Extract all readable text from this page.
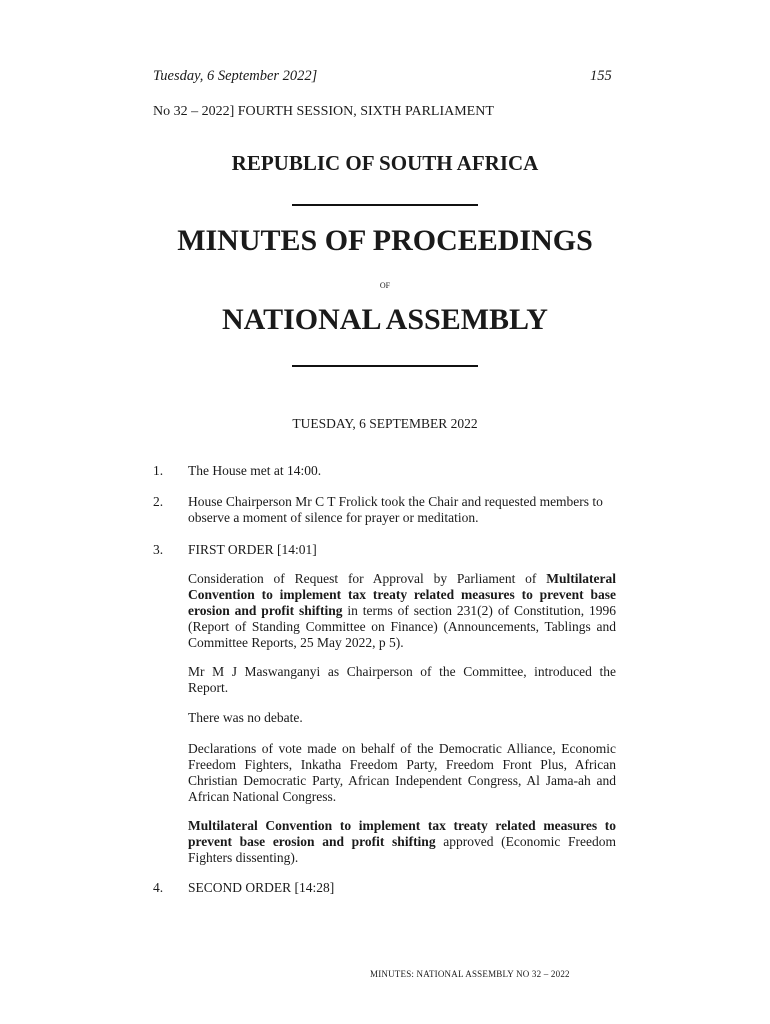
Tuesday, 6 September 2022]	155
No 32 – 2022] FOURTH SESSION, SIXTH PARLIAMENT
REPUBLIC OF SOUTH AFRICA
MINUTES OF PROCEEDINGS
OF
NATIONAL ASSEMBLY
TUESDAY, 6 SEPTEMBER 2022
1. The House met at 14:00.
2. House Chairperson Mr C T Frolick took the Chair and requested members to observe a moment of silence for prayer or meditation.
3. FIRST ORDER [14:01]
Consideration of Request for Approval by Parliament of Multilateral Convention to implement tax treaty related measures to prevent base erosion and profit shifting in terms of section 231(2) of Constitution, 1996 (Report of Standing Committee on Finance) (Announcements, Tablings and Committee Reports, 25 May 2022, p 5).
Mr M J Maswanganyi as Chairperson of the Committee, introduced the Report.
There was no debate.
Declarations of vote made on behalf of the Democratic Alliance, Economic Freedom Fighters, Inkatha Freedom Party, Freedom Front Plus, African Christian Democratic Party, African Independent Congress, Al Jama-ah and African National Congress.
Multilateral Convention to implement tax treaty related measures to prevent base erosion and profit shifting approved (Economic Freedom Fighters dissenting).
4. SECOND ORDER [14:28]
MINUTES: NATIONAL ASSEMBLY NO 32 – 2022
